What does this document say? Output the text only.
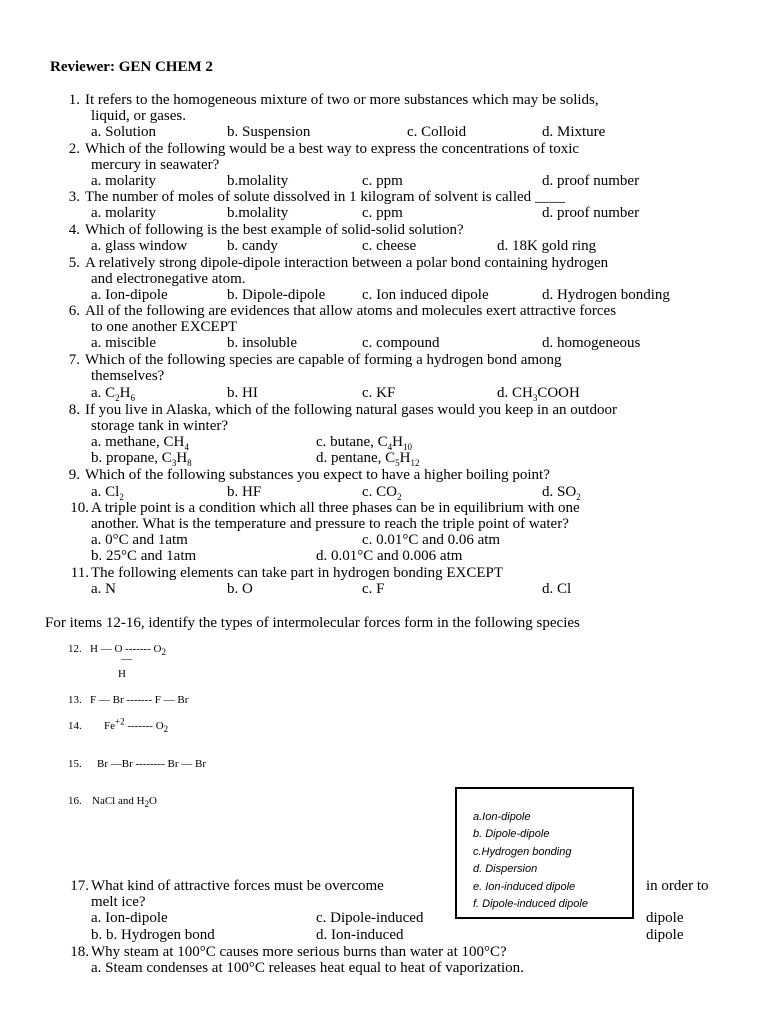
Reviewer: GEN CHEM 2
1. It refers to the homogeneous mixture of two or more substances which may be solids,
liquid, or gases.
a. Solution	b. Suspension	c. Colloid	d. Mixture
2. Which of the following would be a best way to express the concentrations of toxic
mercury in seawater?
a. molarity	b.molality	c. ppm	d. proof number
3. The number of moles of solute dissolved in 1 kilogram of solvent is called ____
a. molarity	b.molality	c. ppm	d. proof number
4. Which of following is the best example of solid-solid solution?
a. glass window	b. candy	c. cheese	d. 18K gold ring
5. A relatively strong dipole-dipole interaction between a polar bond containing hydrogen
and electronegative atom.
a. Ion-dipole	b. Dipole-dipole c. Ion induced dipole	d. Hydrogen bonding
6. All of the following are evidences that allow atoms and molecules exert attractive forces
to one another EXCEPT
a. miscible	b. insoluble	c. compound	d. homogeneous
7. Which of the following species are capable of forming a hydrogen bond among
themselves?
a. $C_2H_6$	b. HI	c. KF	d. $CH_3COOH$
8. If you live in Alaska, which of the following natural gases would you keep in an outdoor
storage tank in winter?
a. methane, $CH_4$	c. butane, $C_4H_{10}$
b. propane, $C_3H_8$	d. pentane, $C_5H_{12}$
9. Which of the following substances you expect to have a higher boiling point?
a. $Cl_2$	b. HF	c. $CO_2$	d. $SO_2$
10. A triple point is a condition which all three phases can be in equilibrium with one
another. What is the temperature and pressure to reach the triple point of water?
a. 0°C and 1atm	c. 0.01°C and 0.06 atm
b. 25°C and 1atm	d. 0.01°C and 0.006 atm
11. The following elements can take part in hydrogen bonding EXCEPT
a. N	b. O	c. F	d. Cl
For items 12-16, identify the types of intermolecular forces form in the following species
12. H — O ------- $O_2$
—
H
13. F — Br ------- F — Br
14. $Fe^{+2}$ ------- $O_2$
15. Br —Br -------- Br — Br
16. NaCl and $H_2O$
a.Ion-dipole
b. Dipole-dipole
c.Hydrogen bonding
d. Dispersion
e. Ion-induced dipole
f. Dipole-induced dipole
17. What kind of attractive forces must be overcome	in order to
melt ice?
a. Ion-dipole	c. Dipole-induced	dipole
b. b. Hydrogen bond	d. Ion-induced	dipole
18. Why steam at 100°C causes more serious burns than water at 100°C?
a. Steam condenses at 100°C releases heat equal to heat of vaporization.
